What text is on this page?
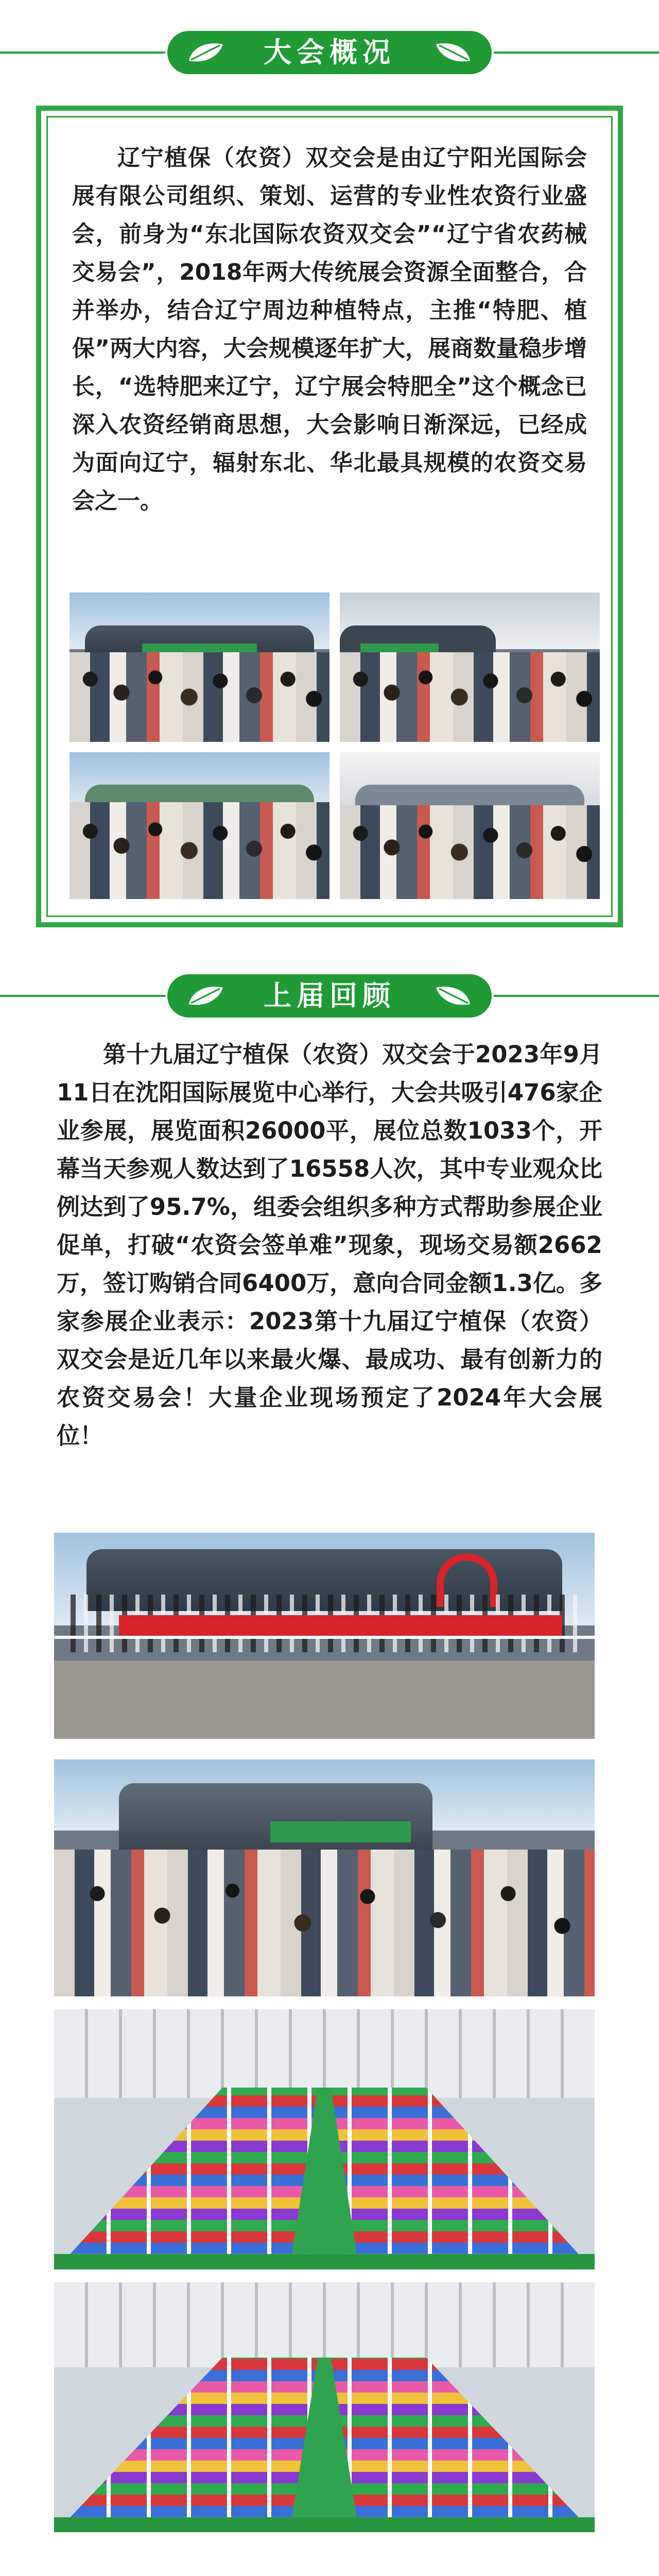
大会概况

辽宁植保（农资）双交会是由辽宁阳光国际会展有限公司组织、策划、运营的专业性农资行业盛会，前身为“东北国际农资双交会”“辽宁省农药械交易会”，2018年两大传统展会资源全面整合，合并举办，结合辽宁周边种植特点，主推“特肥、植保”两大内容，大会规模逐年扩大，展商数量稳步增长，“选特肥来辽宁，辽宁展会特肥全”这个概念已深入农资经销商思想，大会影响日渐深远，已经成为面向辽宁，辐射东北、华北最具规模的农资交易会之一。

上届回顾

第十九届辽宁植保（农资）双交会于2023年9月11日在沈阳国际展览中心举行，大会共吸引476家企业参展，展览面积26000平，展位总数1033个，开幕当天参观人数达到了16558人次，其中专业观众比例达到了95.7%，组委会组织多种方式帮助参展企业促单，打破“农资会签单难”现象，现场交易额2662万，签订购销合同6400万，意向合同金额1.3亿。多家参展企业表示：2023第十九届辽宁植保（农资）双交会是近几年以来最火爆、最成功、最有创新力的农资交易会！大量企业现场预定了2024年大会展位！
